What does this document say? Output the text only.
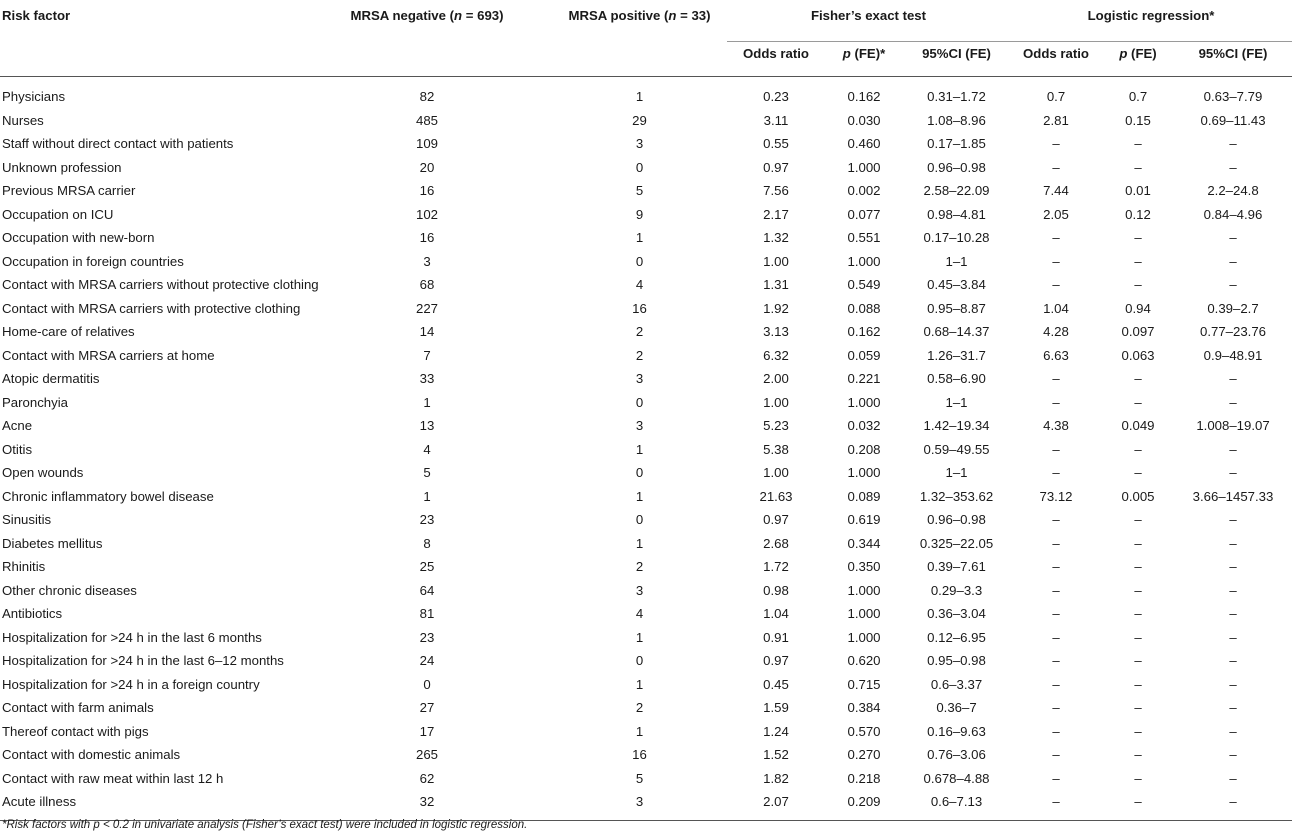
Risk factor	MRSA negative (n = 693)	MRSA positive (n = 33)	Fisher’s exact test			Logistic regression*		
			Odds ratio	p (FE)*	95%CI (FE)	Odds ratio	p (FE)	95%CI (FE)
Physicians	82	1	0.23	0.162	0.31–1.72	0.7	0.7	0.63–7.79
Nurses	485	29	3.11	0.030	1.08–8.96	2.81	0.15	0.69–11.43
Staff without direct contact with patients	109	3	0.55	0.460	0.17–1.85	–	–	–
Unknown profession	20	0	0.97	1.000	0.96–0.98	–	–	–
Previous MRSA carrier	16	5	7.56	0.002	2.58–22.09	7.44	0.01	2.2–24.8
Occupation on ICU	102	9	2.17	0.077	0.98–4.81	2.05	0.12	0.84–4.96
Occupation with new-born	16	1	1.32	0.551	0.17–10.28	–	–	–
Occupation in foreign countries	3	0	1.00	1.000	1–1	–	–	–
Contact with MRSA carriers without protective clothing	68	4	1.31	0.549	0.45–3.84	–	–	–
Contact with MRSA carriers with protective clothing	227	16	1.92	0.088	0.95–8.87	1.04	0.94	0.39–2.7
Home-care of relatives	14	2	3.13	0.162	0.68–14.37	4.28	0.097	0.77–23.76
Contact with MRSA carriers at home	7	2	6.32	0.059	1.26–31.7	6.63	0.063	0.9–48.91
Atopic dermatitis	33	3	2.00	0.221	0.58–6.90	–	–	–
Paronchyia	1	0	1.00	1.000	1–1	–	–	–
Acne	13	3	5.23	0.032	1.42–19.34	4.38	0.049	1.008–19.07
Otitis	4	1	5.38	0.208	0.59–49.55	–	–	–
Open wounds	5	0	1.00	1.000	1–1	–	–	–
Chronic inflammatory bowel disease	1	1	21.63	0.089	1.32–353.62	73.12	0.005	3.66–1457.33
Sinusitis	23	0	0.97	0.619	0.96–0.98	–	–	–
Diabetes mellitus	8	1	2.68	0.344	0.325–22.05	–	–	–
Rhinitis	25	2	1.72	0.350	0.39–7.61	–	–	–
Other chronic diseases	64	3	0.98	1.000	0.29–3.3	–	–	–
Antibiotics	81	4	1.04	1.000	0.36–3.04	–	–	–
Hospitalization for >24 h in the last 6 months	23	1	0.91	1.000	0.12–6.95	–	–	–
Hospitalization for >24 h in the last 6–12 months	24	0	0.97	0.620	0.95–0.98	–	–	–
Hospitalization for >24 h in a foreign country	0	1	0.45	0.715	0.6–3.37	–	–	–
Contact with farm animals	27	2	1.59	0.384	0.36–7	–	–	–
Thereof contact with pigs	17	1	1.24	0.570	0.16–9.63	–	–	–
Contact with domestic animals	265	16	1.52	0.270	0.76–3.06	–	–	–
Contact with raw meat within last 12 h	62	5	1.82	0.218	0.678–4.88	–	–	–
Acute illness	32	3	2.07	0.209	0.6–7.13	–	–	–
*Risk factors with p < 0.2 in univariate analysis (Fisher’s exact test) were included in logistic regression.
